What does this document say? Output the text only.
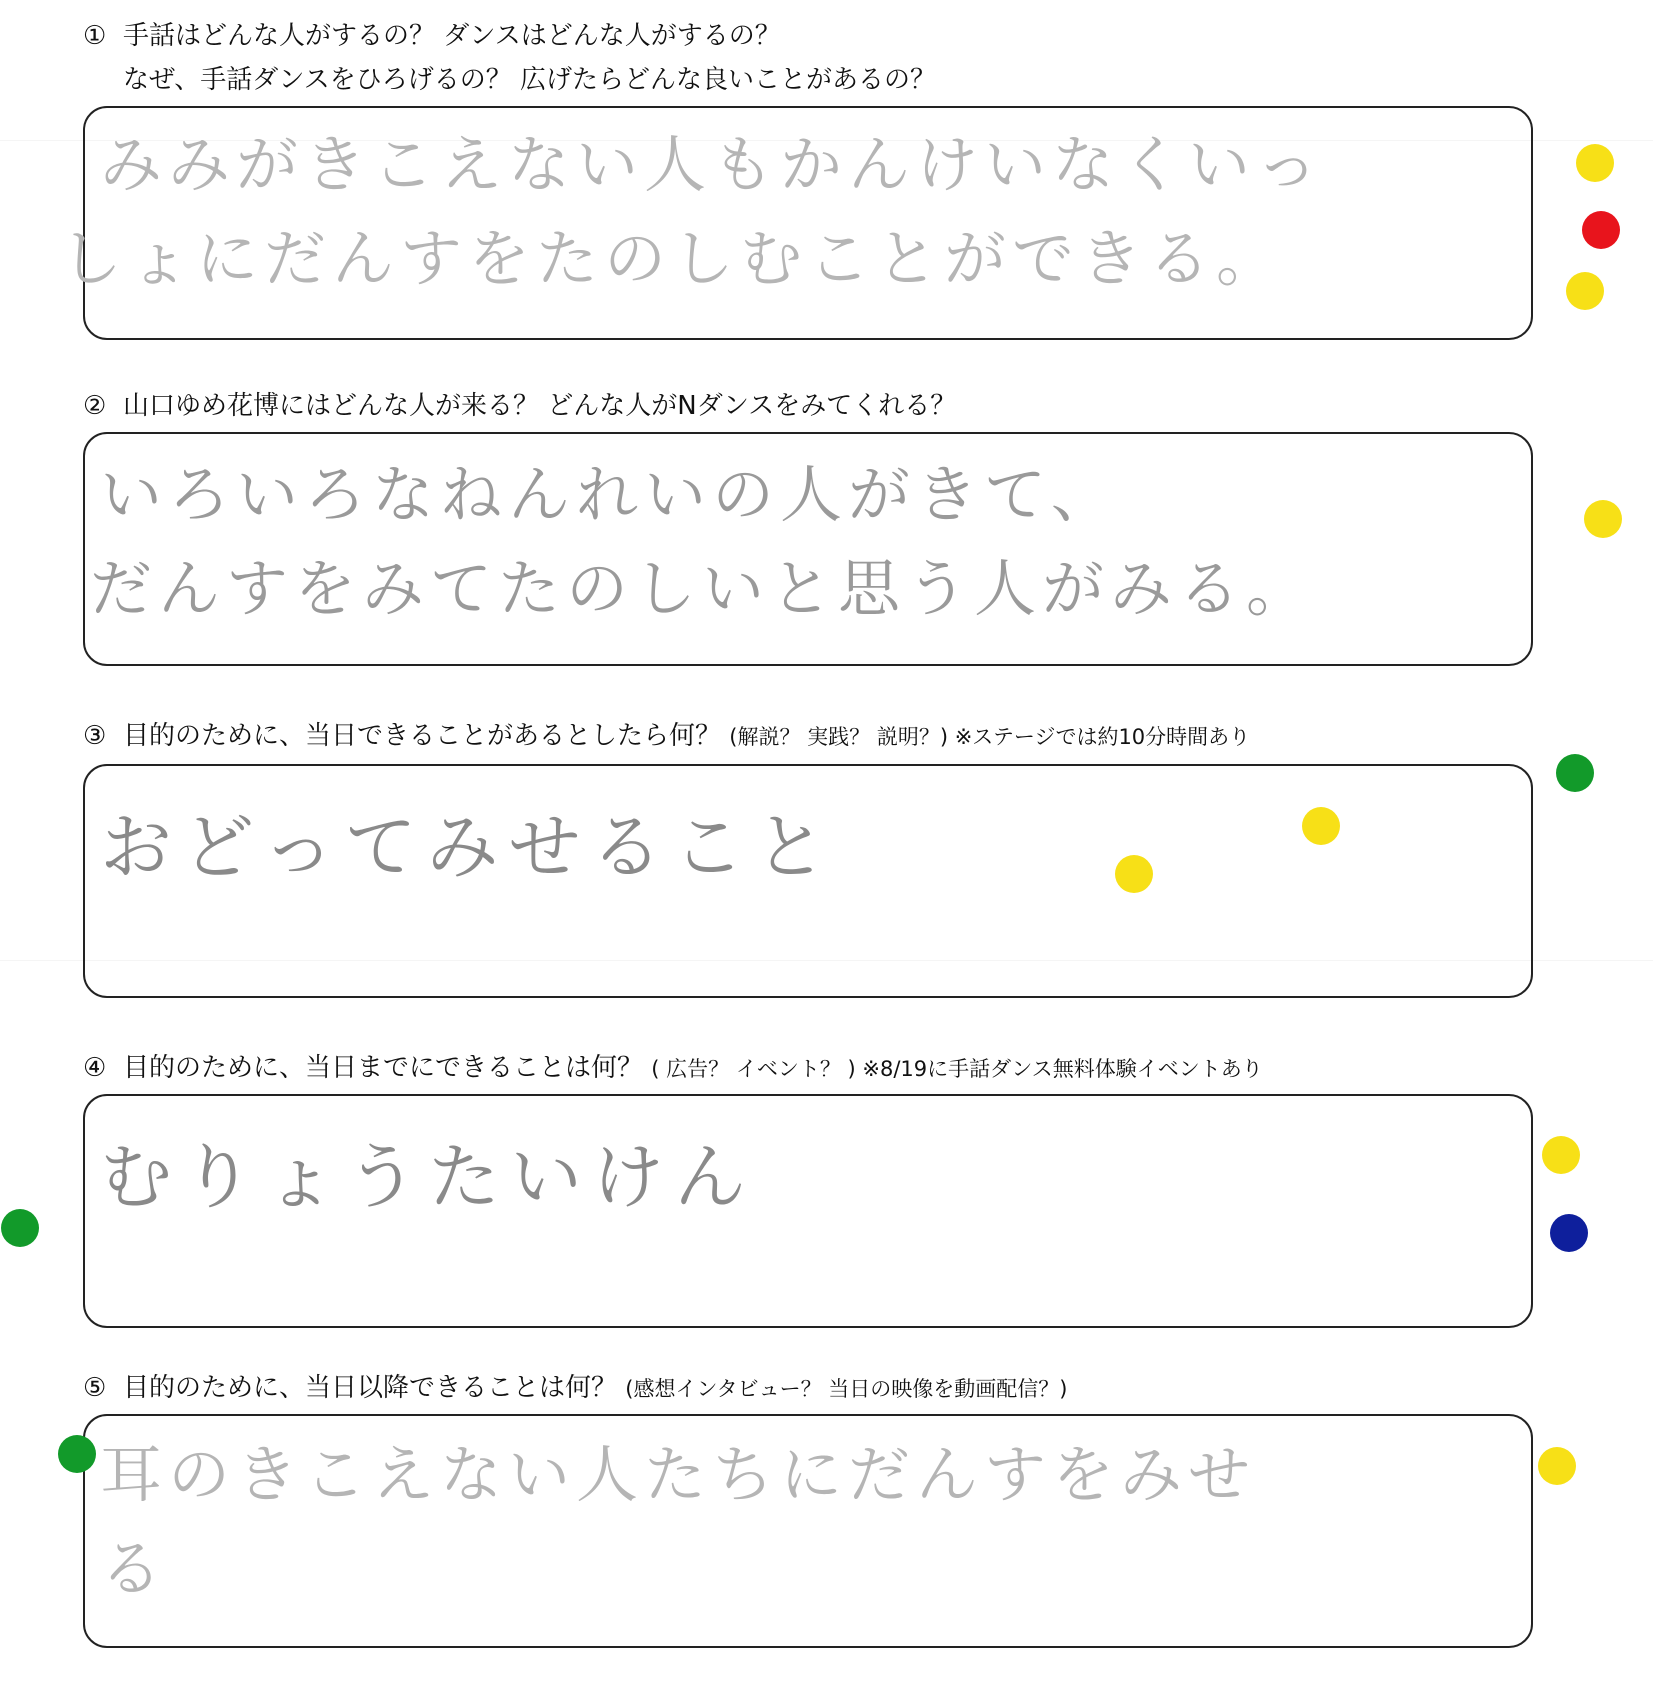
① 手話はどんな人がするの？ ダンスはどんな人がするの？
なぜ、手話ダンスをひろげるの？ 広げたらどんな良いことがあるの？
みみがきこえない人もかんけいなくいっ
しょにだんすをたのしむことができる。
② 山口ゆめ花博にはどんな人が来る？ どんな人がNダンスをみてくれる？
いろいろなねんれいの人がきて、
だんすをみてたのしいと思う人がみる。
③ 目的のために、当日できることがあるとしたら何？ (解説？ 実践？ 説明？) ※ステージでは約10分時間あり
おどってみせること
④ 目的のために、当日までにできることは何？ ( 広告？ イベント？ ) ※8/19に手話ダンス無料体験イベントあり
むりょうたいけん
⑤ 目的のために、当日以降できることは何？ (感想インタビュー？ 当日の映像を動画配信？)
耳のきこえない人たちにだんすをみせ
る
